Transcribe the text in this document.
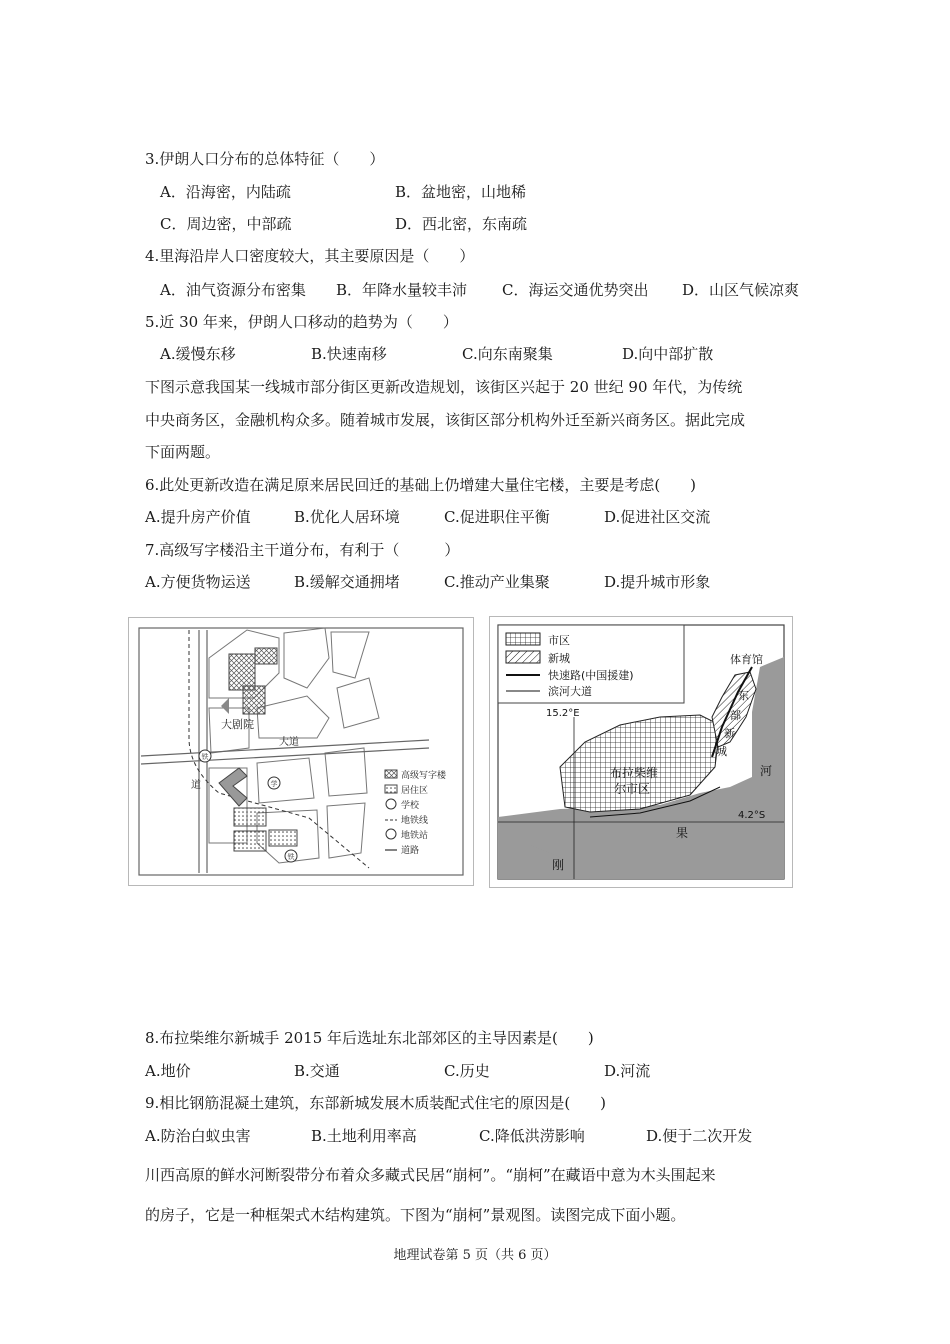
3.伊朗人口分布的总体特征（　　）
A．沿海密，内陆疏	B．盆地密，山地稀
C．周边密，中部疏	D．西北密，东南疏
4.里海沿岸人口密度较大，其主要原因是（　　）
A．油气资源分布密集 B．年降水量较丰沛 C．海运交通优势突出 D．山区气候凉爽
5.近 30 年来，伊朗人口移动的趋势为（　　）
A.缓慢东移	B.快速南移	C.向东南聚集	D.向中部扩散
下图示意我国某一线城市部分街区更新改造规划，该街区兴起于 20 世纪 90 年代，为传统
中央商务区，金融机构众多。随着城市发展，该街区部分机构外迁至新兴商务区。据此完成
下面两题。
6.此处更新改造在满足原来居民回迁的基础上仍增建大量住宅楼，主要是考虑(　　)
A.提升房产价值	B.优化人居环境	C.促进职住平衡	D.促进社区交流
7.高级写字楼沿主干道分布，有利于（　　　）
A.方便货物运送	B.缓解交通拥堵	C.推动产业集聚	D.提升城市形象
学
铁
铁
大剧院
大道
道
高级写字楼
居住区
学校
地铁线
地铁站
道路
市区
新城
快速路(中国援建)
滨河大道
15.2°E
4.2°S
体育馆
东
部
新
城
河
布拉柴维
尔市区
果
刚
8.布拉柴维尔新城手 2015 年后选址东北部郊区的主导因素是(　　)
A.地价	B.交通	C.历史	D.河流
9.相比钢筋混凝土建筑，东部新城发展木质装配式住宅的原因是(　　)
A.防治白蚁虫害	B.土地利用率高	C.降低洪涝影响	D.便于二次开发
川西高原的鲜水河断裂带分布着众多藏式民居“崩柯”。“崩柯”在藏语中意为木头围起来
的房子，它是一种框架式木结构建筑。下图为“崩柯”景观图。读图完成下面小题。
地理试卷第 5 页（共 6 页）
